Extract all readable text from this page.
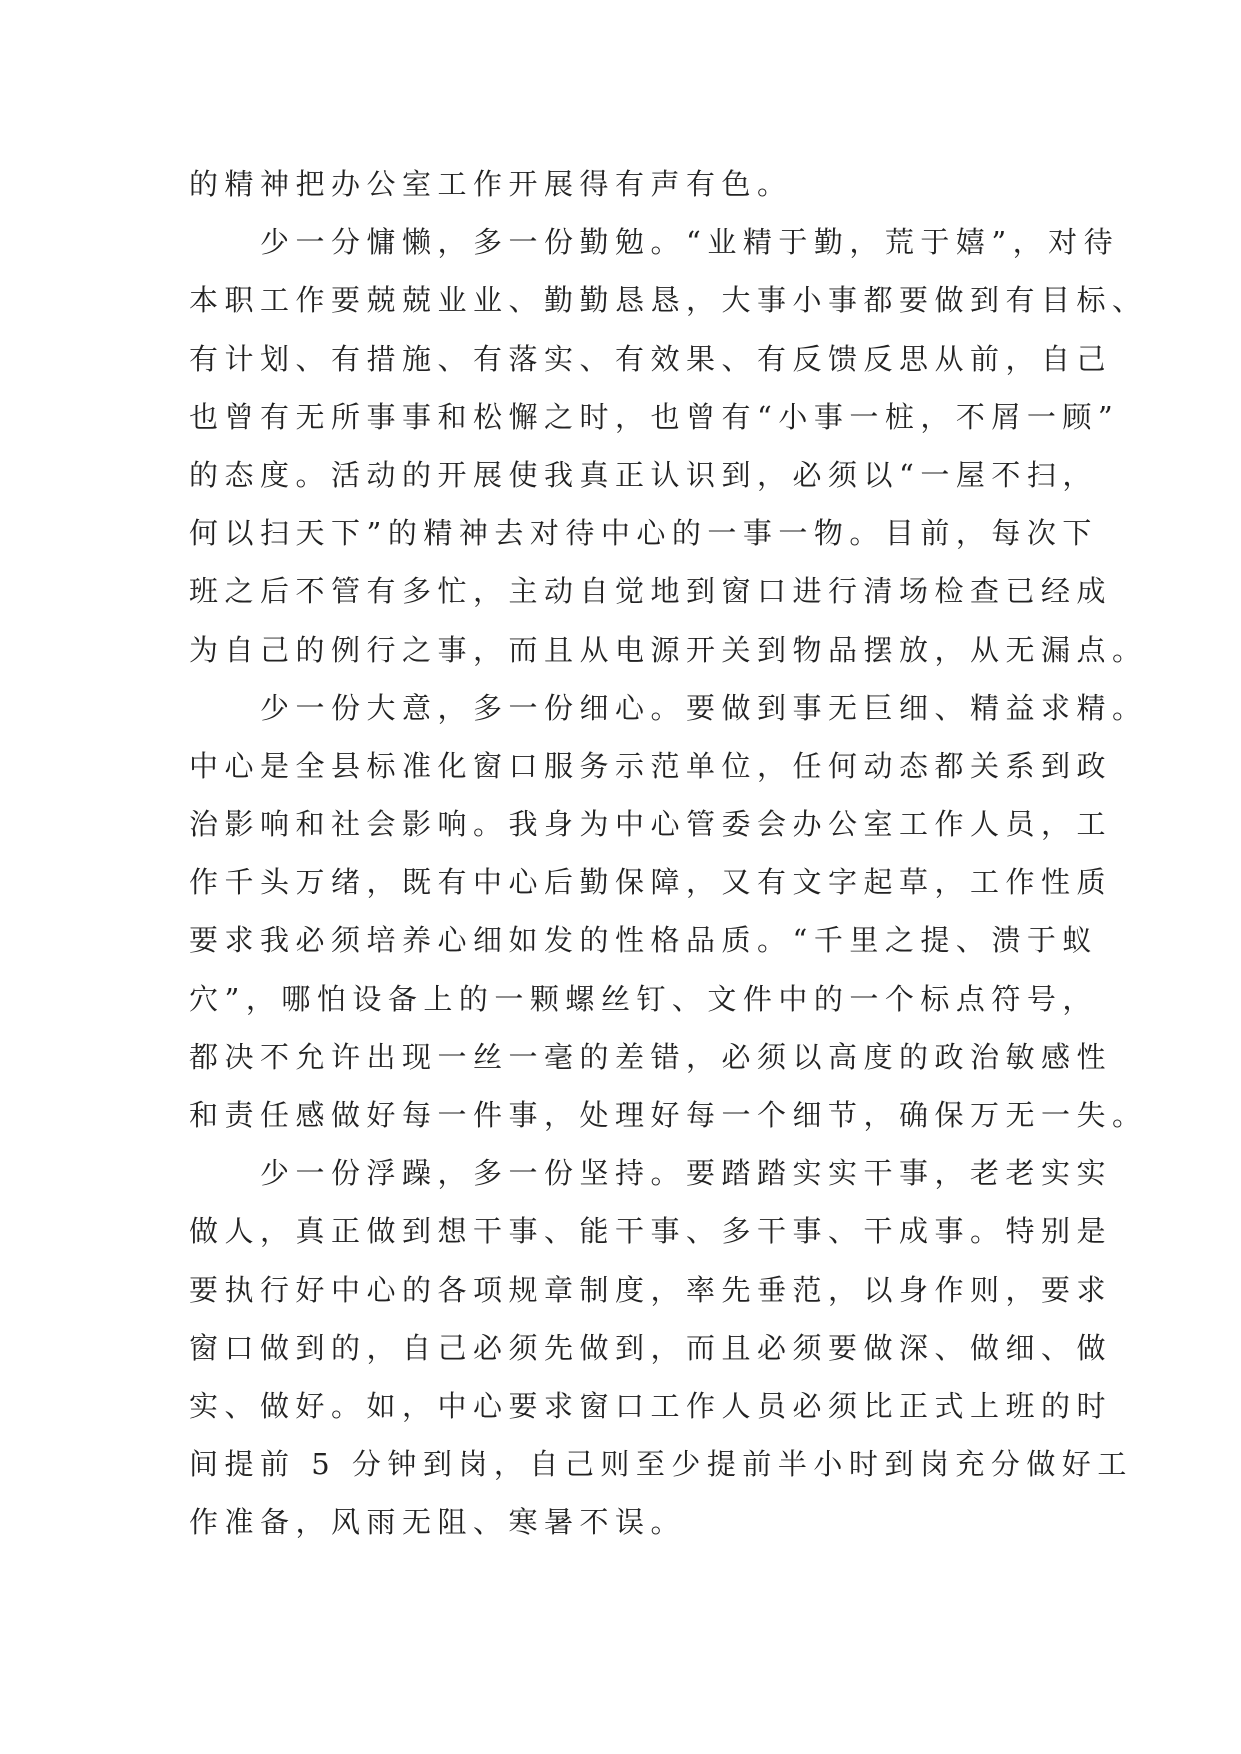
的精神把办公室工作开展得有声有色。
　　少一分慵懒，多一份勤勉。“业精于勤，荒于嬉”，对待
本职工作要兢兢业业、勤勤恳恳，大事小事都要做到有目标、
有计划、有措施、有落实、有效果、有反馈反思从前，自己
也曾有无所事事和松懈之时，也曾有“小事一桩，不屑一顾”
的态度。活动的开展使我真正认识到，必须以“一屋不扫，
何以扫天下”的精神去对待中心的一事一物。目前，每次下
班之后不管有多忙，主动自觉地到窗口进行清场检查已经成
为自己的例行之事，而且从电源开关到物品摆放，从无漏点。
　　少一份大意，多一份细心。要做到事无巨细、精益求精。
中心是全县标准化窗口服务示范单位，任何动态都关系到政
治影响和社会影响。我身为中心管委会办公室工作人员，工
作千头万绪，既有中心后勤保障，又有文字起草，工作性质
要求我必须培养心细如发的性格品质。“千里之提、溃于蚁
穴”，哪怕设备上的一颗螺丝钉、文件中的一个标点符号，
都决不允许出现一丝一毫的差错，必须以高度的政治敏感性
和责任感做好每一件事，处理好每一个细节，确保万无一失。
　　少一份浮躁，多一份坚持。要踏踏实实干事，老老实实
做人，真正做到想干事、能干事、多干事、干成事。特别是
要执行好中心的各项规章制度，率先垂范，以身作则，要求
窗口做到的，自己必须先做到，而且必须要做深、做细、做
实、做好。如，中心要求窗口工作人员必须比正式上班的时
间提前 5 分钟到岗，自己则至少提前半小时到岗充分做好工
作准备，风雨无阻、寒暑不误。
